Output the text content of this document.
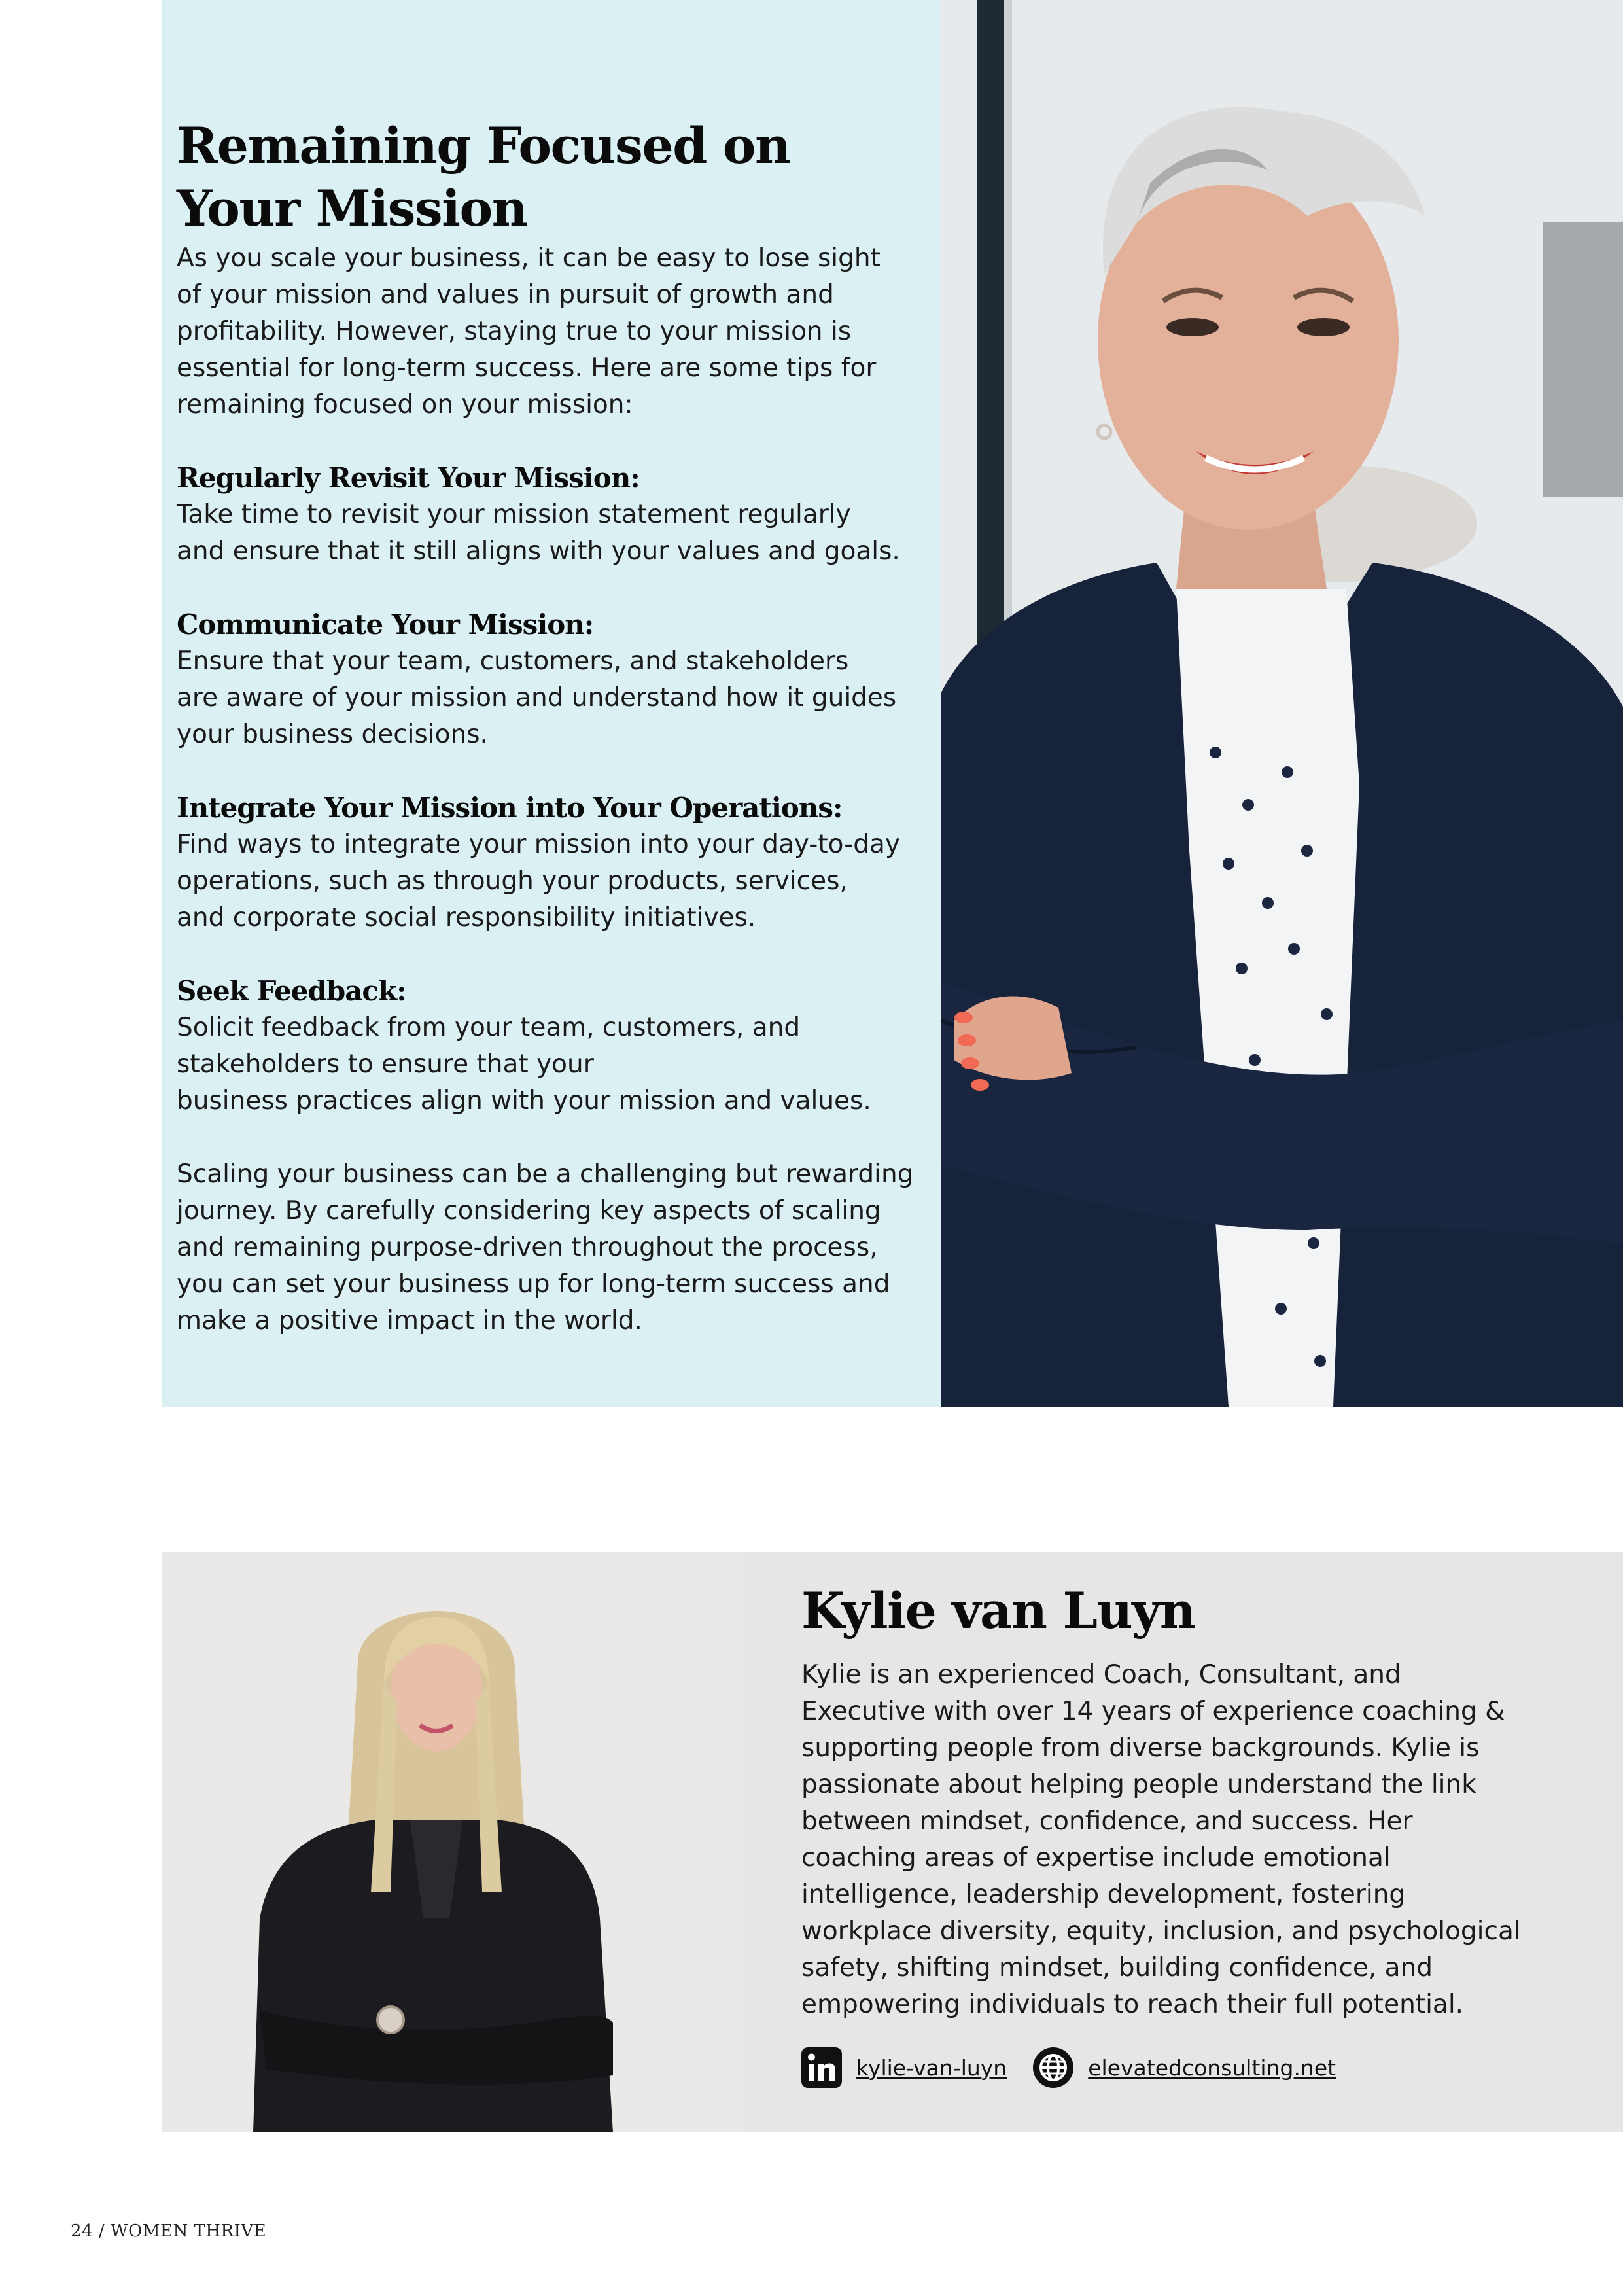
Remaining Focused on
Your Mission

As you scale your business, it can be easy to lose sight
of your mission and values in pursuit of growth and
profitability. However, staying true to your mission is
essential for long-term success. Here are some tips for
remaining focused on your mission:

Regularly Revisit Your Mission:

Take time to revisit your mission statement regularly
and ensure that it still aligns with your values and goals.

Communicate Your Mission:

Ensure that your team, customers, and stakeholders
are aware of your mission and understand how it guides
your business decisions.

Integrate Your Mission into Your Operations:

Find ways to integrate your mission into your day-to-day
operations, such as through your products, services,
and corporate social responsibility initiatives.

Seek Feedback:

Solicit feedback from your team, customers, and
stakeholders to ensure that your
business practices align with your mission and values.

Scaling your business can be a challenging but rewarding
journey. By carefully considering key aspects of scaling
and remaining purpose-driven throughout the process,
you can set your business up for long-term success and
make a positive impact in the world.

Kylie van Luyn

Kylie is an experienced Coach, Consultant, and
Executive with over 14 years of experience coaching &
supporting people from diverse backgrounds. Kylie is
passionate about helping people understand the link
between mindset, confidence, and success. Her
coaching areas of expertise include emotional
intelligence, leadership development, fostering
workplace diversity, equity, inclusion, and psychological
safety, shifting mindset, building confidence, and
empowering individuals to reach their full potential.

kylie-van-luyn	elevatedconsulting.net
24 / WOMEN THRIVE
